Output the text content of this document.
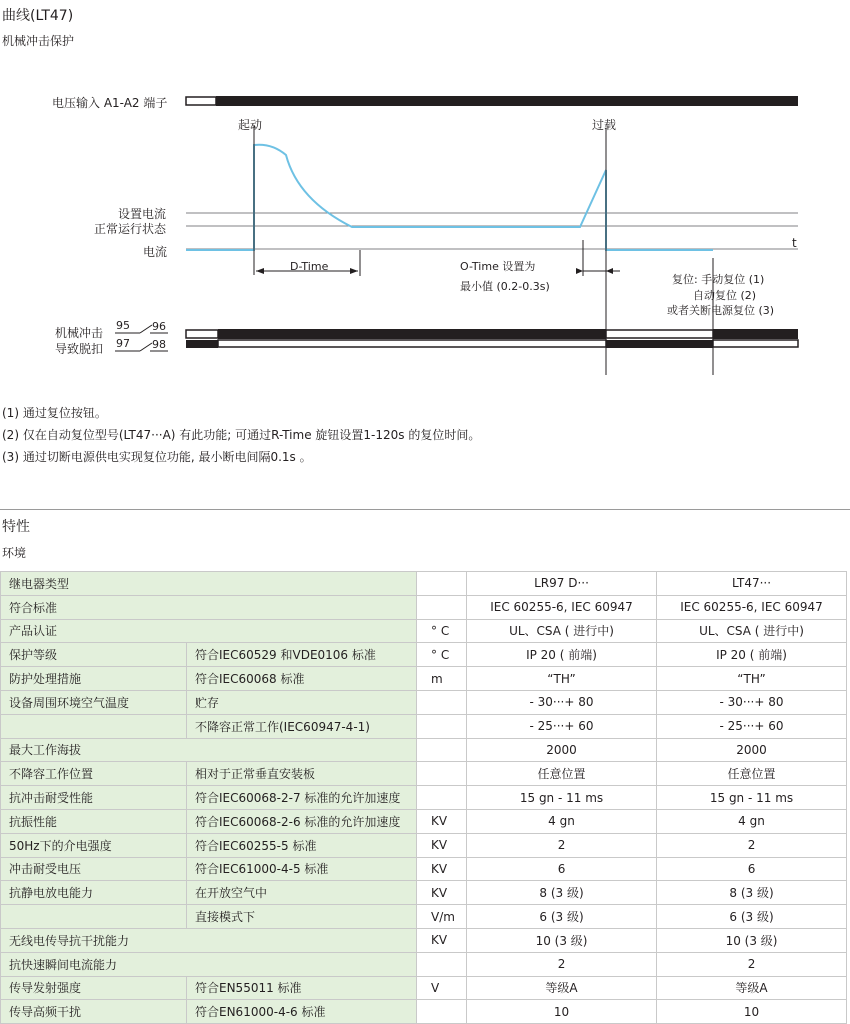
曲线(LT47)
机械冲击保护
电压输入 A1-A2 端子
起动	过载
设置电流
正常运行状态
电流
t
D-Time	O-Time 设置为
最小值 (0.2-0.3s)
复位: 手动复位 (1)
自动复位 (2)
或者关断电源复位 (3)
机械冲击
导致脱扣
95 96
97 98
(1) 通过复位按钮。
(2) 仅在自动复位型号(LT47···A) 有此功能; 可通过R-Time 旋钮设置1-120s 的复位时间。
(3) 通过切断电源供电实现复位功能, 最小断电间隔0.1s 。
特性
环境
继电器类型			LR97 D···	LT47···
符合标准			IEC 60255-6, IEC 60947	IEC 60255-6, IEC 60947
产品认证		° C	UL、CSA ( 进行中)	UL、CSA ( 进行中)
保护等级	符合IEC60529 和VDE0106 标准	° C	IP 20 ( 前端)	IP 20 ( 前端)
防护处理措施	符合IEC60068 标准	m	“TH”	“TH”
设备周围环境空气温度	贮存		- 30···+ 80	- 30···+ 80
	不降容正常工作(IEC60947-4-1)		- 25···+ 60	- 25···+ 60
最大工作海拔			2000	2000
不降容工作位置	相对于正常垂直安装板		任意位置	任意位置
抗冲击耐受性能	符合IEC60068-2-7 标准的允许加速度		15 gn - 11 ms	15 gn - 11 ms
抗振性能	符合IEC60068-2-6 标准的允许加速度	KV	4 gn	4 gn
50Hz下的介电强度	符合IEC60255-5 标准	KV	2	2
冲击耐受电压	符合IEC61000-4-5 标准	KV	6	6
抗静电放电能力	在开放空气中	KV	8 (3 级)	8 (3 级)
	直接模式下	V/m	6 (3 级)	6 (3 级)
无线电传导抗干扰能力		KV	10 (3 级)	10 (3 级)
抗快速瞬间电流能力			2	2
传导发射强度	符合EN55011 标准	V	等级A	等级A
传导高频干扰	符合EN61000-4-6 标准		10	10
